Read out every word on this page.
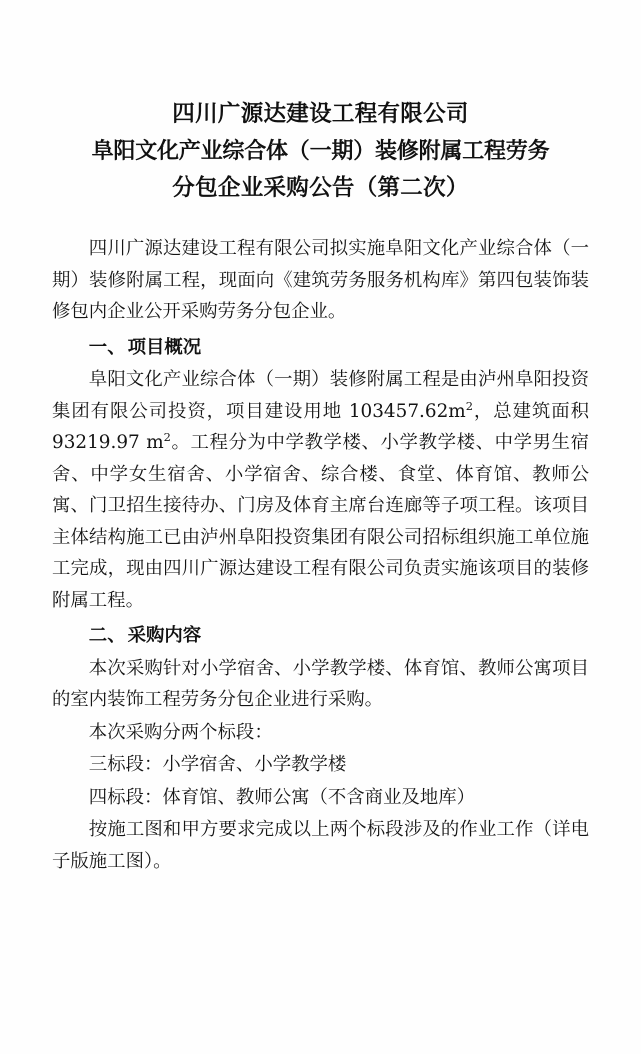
四川广源达建设工程有限公司
阜阳文化产业综合体（一期）装修附属工程劳务
分包企业采购公告（第二次）

四川广源达建设工程有限公司拟实施阜阳文化产业综合体（一期）装修附属工程，现面向《建筑劳务服务机构库》第四包装饰装修包内企业公开采购劳务分包企业。

一、 项目概况

阜阳文化产业综合体（一期）装修附属工程是由泸州阜阳投资集团有限公司投资，项目建设用地 $103457.62m^2$，总建筑面积 93219.97 $m^2$。工程分为中学教学楼、小学教学楼、中学男生宿舍、中学女生宿舍、小学宿舍、综合楼、食堂、体育馆、教师公寓、门卫招生接待办、门房及体育主席台连廊等子项工程。该项目主体结构施工已由泸州阜阳投资集团有限公司招标组织施工单位施工完成，现由四川广源达建设工程有限公司负责实施该项目的装修附属工程。

二、 采购内容

本次采购针对小学宿舍、小学教学楼、体育馆、教师公寓项目的室内装饰工程劳务分包企业进行采购。

本次采购分两个标段：

三标段：小学宿舍、小学教学楼

四标段：体育馆、教师公寓（不含商业及地库）

按施工图和甲方要求完成以上两个标段涉及的作业工作（详电子版施工图）。
